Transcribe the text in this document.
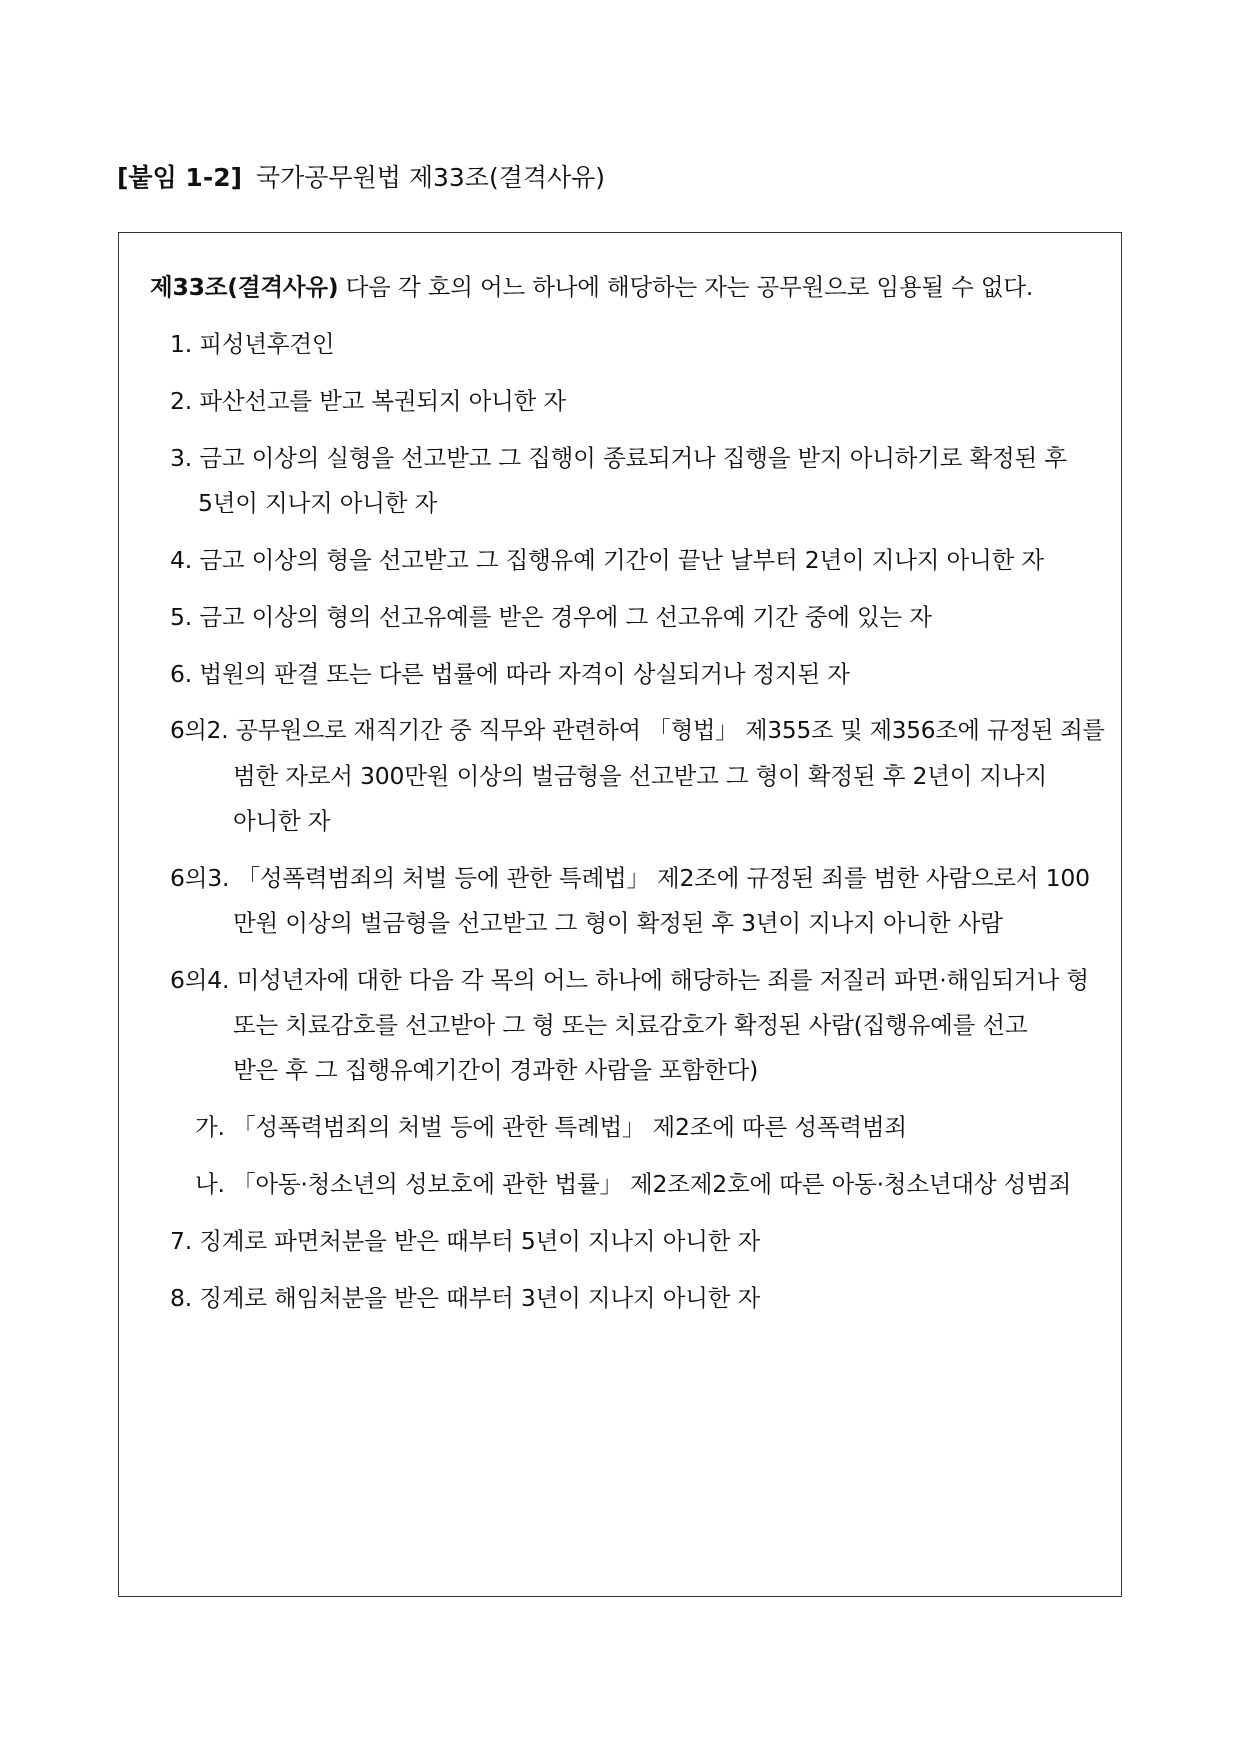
[붙임 1-2] 국가공무원법 제33조(결격사유)
제33조(결격사유) 다음 각 호의 어느 하나에 해당하는 자는 공무원으로 임용될 수 없다.
1. 피성년후견인
2. 파산선고를 받고 복권되지 아니한 자
3. 금고 이상의 실형을 선고받고 그 집행이 종료되거나 집행을 받지 아니하기로 확정된 후
5년이 지나지 아니한 자
4. 금고 이상의 형을 선고받고 그 집행유예 기간이 끝난 날부터 2년이 지나지 아니한 자
5. 금고 이상의 형의 선고유예를 받은 경우에 그 선고유예 기간 중에 있는 자
6. 법원의 판결 또는 다른 법률에 따라 자격이 상실되거나 정지된 자
6의2. 공무원으로 재직기간 중 직무와 관련하여 「형법」 제355조 및 제356조에 규정된 죄를
범한 자로서 300만원 이상의 벌금형을 선고받고 그 형이 확정된 후 2년이 지나지
아니한 자
6의3. 「성폭력범죄의 처벌 등에 관한 특례법」 제2조에 규정된 죄를 범한 사람으로서 100
만원 이상의 벌금형을 선고받고 그 형이 확정된 후 3년이 지나지 아니한 사람
6의4. 미성년자에 대한 다음 각 목의 어느 하나에 해당하는 죄를 저질러 파면·해임되거나 형
또는 치료감호를 선고받아 그 형 또는 치료감호가 확정된 사람(집행유예를 선고
받은 후 그 집행유예기간이 경과한 사람을 포함한다)
가. 「성폭력범죄의 처벌 등에 관한 특례법」 제2조에 따른 성폭력범죄
나. 「아동·청소년의 성보호에 관한 법률」 제2조제2호에 따른 아동·청소년대상 성범죄
7. 징계로 파면처분을 받은 때부터 5년이 지나지 아니한 자
8. 징계로 해임처분을 받은 때부터 3년이 지나지 아니한 자
